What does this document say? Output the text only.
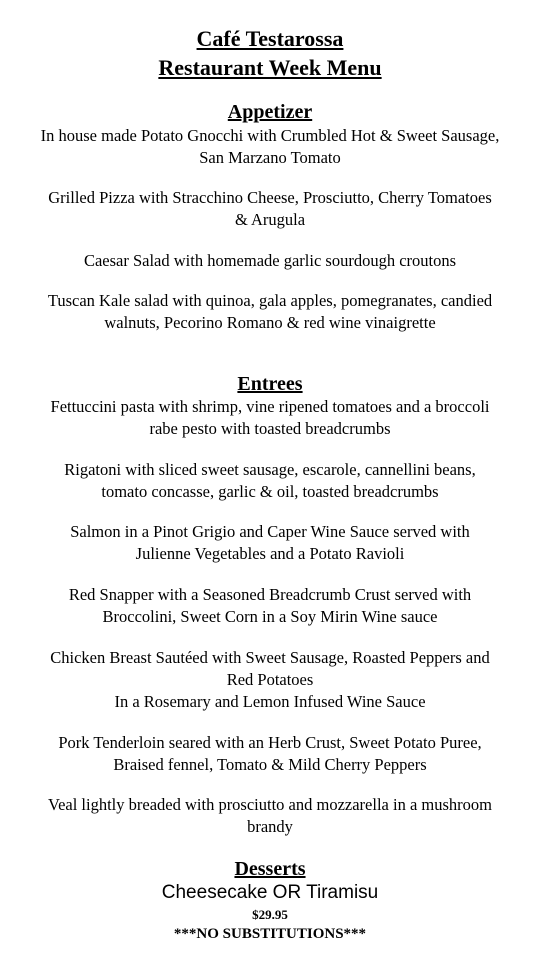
Café Testarossa
Restaurant Week Menu
Appetizer

In house made Potato Gnocchi with Crumbled Hot & Sweet Sausage,
San Marzano Tomato

Grilled Pizza with Stracchino Cheese, Prosciutto, Cherry Tomatoes
& Arugula

Caesar Salad with homemade garlic sourdough croutons

Tuscan Kale salad with quinoa, gala apples, pomegranates, candied
walnuts, Pecorino Romano & red wine vinaigrette

Entrees

Fettuccini pasta with shrimp, vine ripened tomatoes and a broccoli
rabe pesto with toasted breadcrumbs

Rigatoni with sliced sweet sausage, escarole, cannellini beans,
tomato concasse, garlic & oil, toasted breadcrumbs

Salmon in a Pinot Grigio and Caper Wine Sauce served with
Julienne Vegetables and a Potato Ravioli

Red Snapper with a Seasoned Breadcrumb Crust served with
Broccolini, Sweet Corn in a Soy Mirin Wine sauce

Chicken Breast Sautéed with Sweet Sausage, Roasted Peppers and
Red Potatoes
In a Rosemary and Lemon Infused Wine Sauce

Pork Tenderloin seared with an Herb Crust, Sweet Potato Puree,
Braised fennel, Tomato & Mild Cherry Peppers

Veal lightly breaded with prosciutto and mozzarella in a mushroom
brandy

Desserts

Cheesecake OR Tiramisu

$29.95

***NO SUBSTITUTIONS***
